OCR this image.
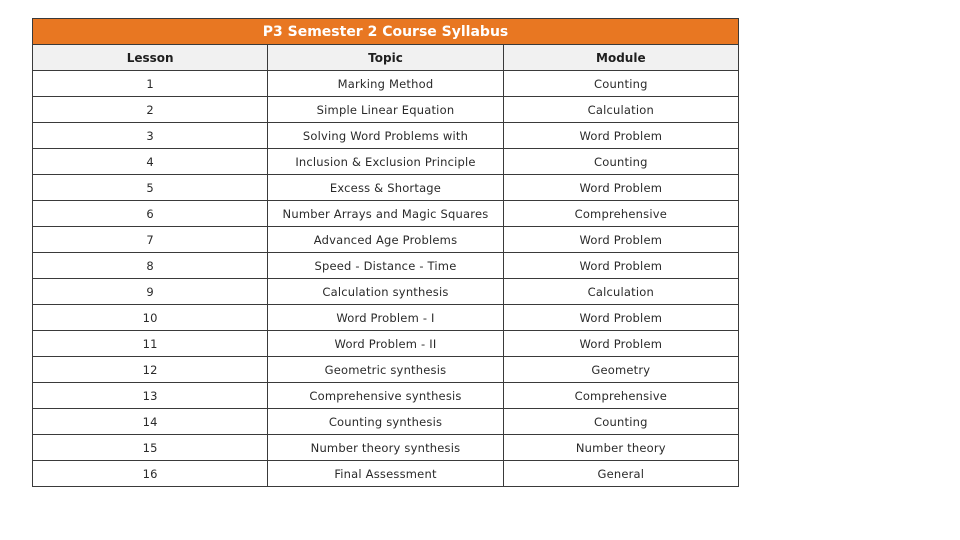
P3 Semester 2 Course Syllabus		
Lesson	Topic	Module
1	Marking Method	Counting
2	Simple Linear Equation	Calculation
3	Solving Word Problems with	Word Problem
4	Inclusion & Exclusion Principle	Counting
5	Excess & Shortage	Word Problem
6	Number Arrays and Magic Squares	Comprehensive
7	Advanced Age Problems	Word Problem
8	Speed - Distance - Time	Word Problem
9	Calculation synthesis	Calculation
10	Word Problem - I	Word Problem
11	Word Problem - II	Word Problem
12	Geometric synthesis	Geometry
13	Comprehensive synthesis	Comprehensive
14	Counting synthesis	Counting
15	Number theory synthesis	Number theory
16	Final Assessment	General
